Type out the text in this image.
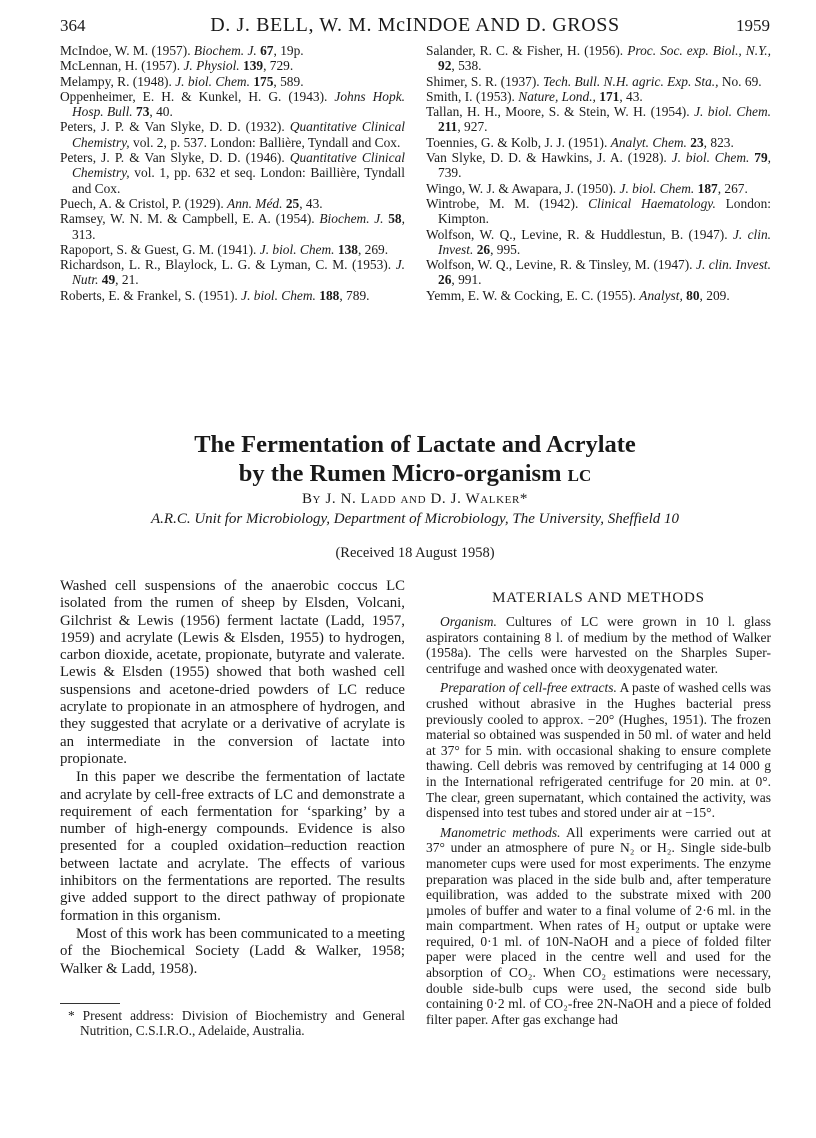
364	D. J. BELL, W. M. McINDOE AND D. GROSS	1959

McIndoe, W. M. (1957). Biochem. J. 67, 19p.

McLennan, H. (1957). J. Physiol. 139, 729.

Melampy, R. (1948). J. biol. Chem. 175, 589.

Oppenheimer, E. H. & Kunkel, H. G. (1943). Johns Hopk. Hosp. Bull. 73, 40.

Peters, J. P. & Van Slyke, D. D. (1932). Quantitative Clinical Chemistry, vol. 2, p. 537. London: Ballière, Tyndall and Cox.

Peters, J. P. & Van Slyke, D. D. (1946). Quantitative Clinical Chemistry, vol. 1, pp. 632 et seq. London: Baillière, Tyndall and Cox.

Puech, A. & Cristol, P. (1929). Ann. Méd. 25, 43.

Ramsey, W. N. M. & Campbell, E. A. (1954). Biochem. J. 58, 313.

Rapoport, S. & Guest, G. M. (1941). J. biol. Chem. 138, 269.

Richardson, L. R., Blaylock, L. G. & Lyman, C. M. (1953). J. Nutr. 49, 21.

Roberts, E. & Frankel, S. (1951). J. biol. Chem. 188, 789.

Salander, R. C. & Fisher, H. (1956). Proc. Soc. exp. Biol., N.Y., 92, 538.

Shimer, S. R. (1937). Tech. Bull. N.H. agric. Exp. Sta., No. 69.

Smith, I. (1953). Nature, Lond., 171, 43.

Tallan, H. H., Moore, S. & Stein, W. H. (1954). J. biol. Chem. 211, 927.

Toennies, G. & Kolb, J. J. (1951). Analyt. Chem. 23, 823.

Van Slyke, D. D. & Hawkins, J. A. (1928). J. biol. Chem. 79, 739.

Wingo, W. J. & Awapara, J. (1950). J. biol. Chem. 187, 267.

Wintrobe, M. M. (1942). Clinical Haematology. London: Kimpton.

Wolfson, W. Q., Levine, R. & Huddlestun, B. (1947). J. clin. Invest. 26, 995.

Wolfson, W. Q., Levine, R. & Tinsley, M. (1947). J. clin. Invest. 26, 991.

Yemm, E. W. & Cocking, E. C. (1955). Analyst, 80, 209.

The Fermentation of Lactate and Acrylate
by the Rumen Micro-organism lc
By J. N. Ladd and D. J. Walker*
A.R.C. Unit for Microbiology, Department of Microbiology, The University, Sheffield 10
(Received 18 August 1958)

Washed cell suspensions of the anaerobic coccus LC isolated from the rumen of sheep by Elsden, Volcani, Gilchrist & Lewis (1956) ferment lactate (Ladd, 1957, 1959) and acrylate (Lewis & Elsden, 1955) to hydrogen, carbon dioxide, acetate, propionate, butyrate and valerate. Lewis & Elsden (1955) showed that both washed cell suspensions and acetone-dried powders of LC reduce acrylate to propionate in an atmosphere of hydrogen, and they suggested that acrylate or a derivative of acrylate is an intermediate in the conversion of lactate into propionate.

In this paper we describe the fermentation of lactate and acrylate by cell-free extracts of LC and demonstrate a requirement of each fermentation for ‘sparking’ by a number of high-energy compounds. Evidence is also presented for a coupled oxidation–reduction reaction between lactate and acrylate. The effects of various inhibitors on the fermentations are reported. The results give added support to the direct pathway of propionate formation in this organism.

Most of this work has been communicated to a meeting of the Biochemical Society (Ladd & Walker, 1958; Walker & Ladd, 1958).

* Present address: Division of Biochemistry and General Nutrition, C.S.I.R.O., Adelaide, Australia.

MATERIALS AND METHODS

Organism. Cultures of LC were grown in 10 l. glass aspirators containing 8 l. of medium by the method of Walker (1958a). The cells were harvested on the Sharples Super-centrifuge and washed once with deoxygenated water.

Preparation of cell-free extracts. A paste of washed cells was crushed without abrasive in the Hughes bacterial press previously cooled to approx. −20° (Hughes, 1951). The frozen material so obtained was suspended in 50 ml. of water and held at 37° for 5 min. with occasional shaking to ensure complete thawing. Cell debris was removed by centrifuging at 14 000 g in the International refrigerated centrifuge for 20 min. at 0°. The clear, green supernatant, which contained the activity, was dispensed into test tubes and stored under air at −15°.

Manometric methods. All experiments were carried out at 37° under an atmosphere of pure N₂ or H₂. Single side-bulb manometer cups were used for most experiments. The enzyme preparation was placed in the side bulb and, after temperature equilibration, was added to the substrate mixed with 200 µmoles of buffer and water to a final volume of 2·6 ml. in the main compartment. When rates of H₂ output or uptake were required, 0·1 ml. of 10N-NaOH and a piece of folded filter paper were placed in the centre well and used for the absorption of CO₂. When CO₂ estimations were necessary, double side-bulb cups were used, the second side bulb containing 0·2 ml. of CO₂-free 2N-NaOH and a piece of folded filter paper. After gas exchange had
